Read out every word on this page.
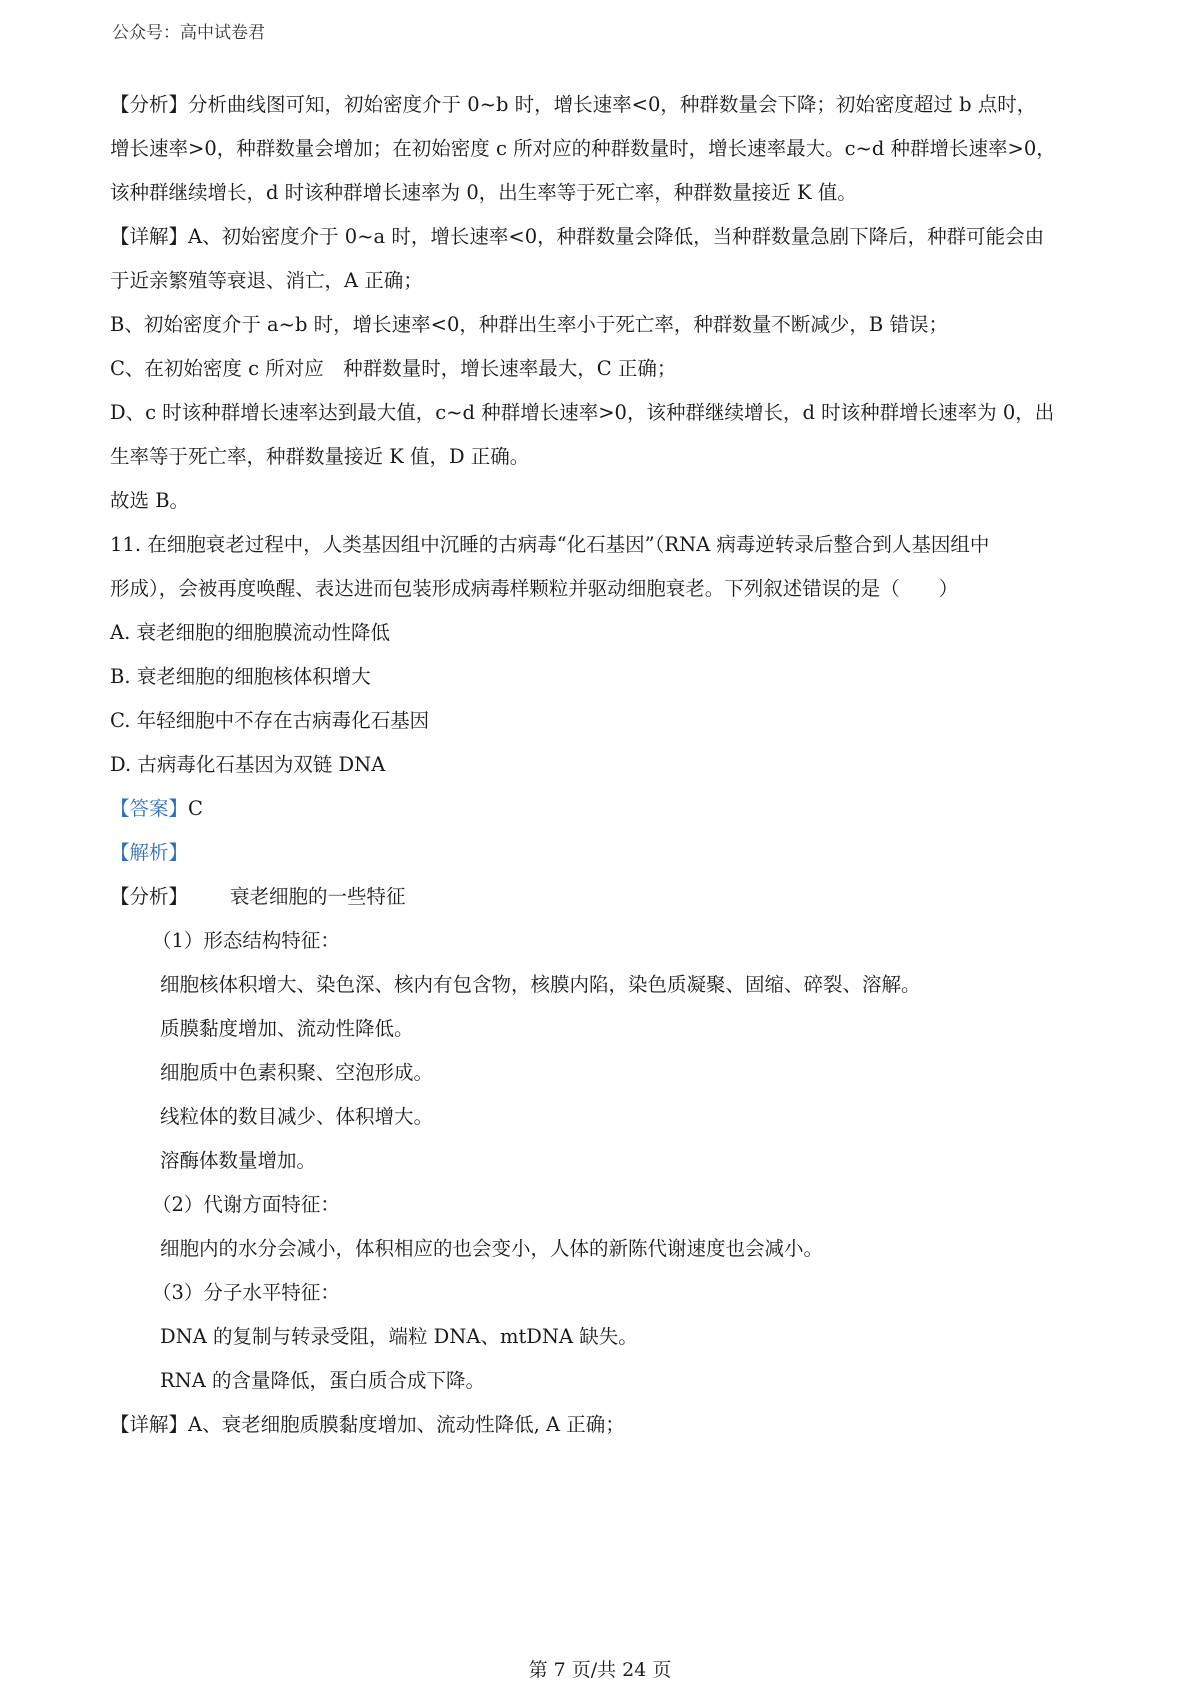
公众号：高中试卷君
【分析】分析曲线图可知，初始密度介于 0~b 时，增长速率<0，种群数量会下降；初始密度超过 b 点时，
增长速率>0，种群数量会增加；在初始密度 c 所对应的种群数量时，增长速率最大。c~d 种群增长速率>0，
该种群继续增长，d 时该种群增长速率为 0，出生率等于死亡率，种群数量接近 K 值。
【详解】A、初始密度介于 0~a 时，增长速率<0，种群数量会降低，当种群数量急剧下降后，种群可能会由
于近亲繁殖等衰退、消亡，A 正确；
B、初始密度介于 a~b 时，增长速率<0，种群出生率小于死亡率，种群数量不断减少，B 错误；
C、在初始密度 c 所对应　种群数量时，增长速率最大，C 正确；
D、c 时该种群增长速率达到最大值，c~d 种群增长速率>0，该种群继续增长，d 时该种群增长速率为 0，出
生率等于死亡率，种群数量接近 K 值，D 正确。
故选 B。
11. 在细胞衰老过程中，人类基因组中沉睡的古病毒“化石基因”（RNA 病毒逆转录后整合到人基因组中
形成），会被再度唤醒、表达进而包装形成病毒样颗粒并驱动细胞衰老。下列叙述错误的是（　　）
A. 衰老细胞的细胞膜流动性降低
B. 衰老细胞的细胞核体积增大
C. 年轻细胞中不存在古病毒化石基因
D. 古病毒化石基因为双链 DNA
【答案】C
【解析】
【分析】 衰老细胞的一些特征
（1）形态结构特征：
细胞核体积增大、染色深、核内有包含物，核膜内陷，染色质凝聚、固缩、碎裂、溶解。
质膜黏度增加、流动性降低。
细胞质中色素积聚、空泡形成。
线粒体的数目减少、体积增大。
溶酶体数量增加。
（2）代谢方面特征：
细胞内的水分会减小，体积相应的也会变小，人体的新陈代谢速度也会减小。
（3）分子水平特征：
DNA 的复制与转录受阻，端粒 DNA、mtDNA 缺失。
RNA 的含量降低，蛋白质合成下降。
【详解】A、衰老细胞质膜黏度增加、流动性降低, A 正确；
第 7 页/共 24 页
